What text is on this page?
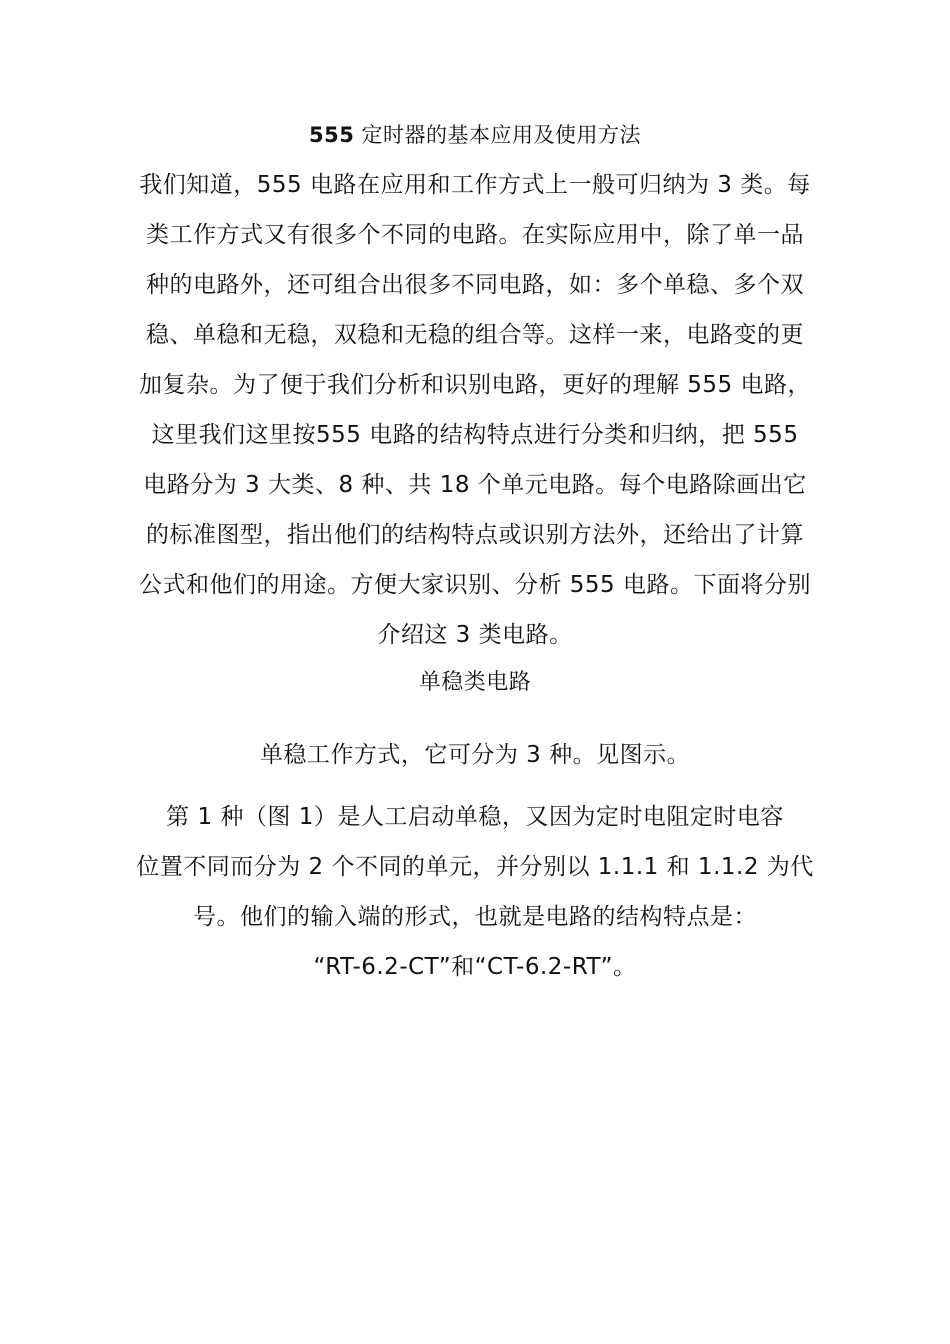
555 定时器的基本应用及使用方法
我们知道，555 电路在应用和工作方式上一般可归纳为 3 类。每
类工作方式又有很多个不同的电路。在实际应用中，除了单一品
种的电路外，还可组合出很多不同电路，如：多个单稳、多个双
稳、单稳和无稳，双稳和无稳的组合等。这样一来，电路变的更
加复杂。为了便于我们分析和识别电路，更好的理解 555 电路，
这里我们这里按555 电路的结构特点进行分类和归纳，把 555
电路分为 3 大类、8 种、共 18 个单元电路。每个电路除画出它
的标准图型，指出他们的结构特点或识别方法外，还给出了计算
公式和他们的用途。方便大家识别、分析 555 电路。下面将分别
介绍这 3 类电路。
单稳类电路
单稳工作方式，它可分为 3 种。见图示。
第 1 种（图 1）是人工启动单稳，又因为定时电阻定时电容
位置不同而分为 2 个不同的单元，并分别以 1.1.1 和 1.1.2 为代
号。他们的输入端的形式，也就是电路的结构特点是：
“RT-6.2-CT”和“CT-6.2-RT”。
